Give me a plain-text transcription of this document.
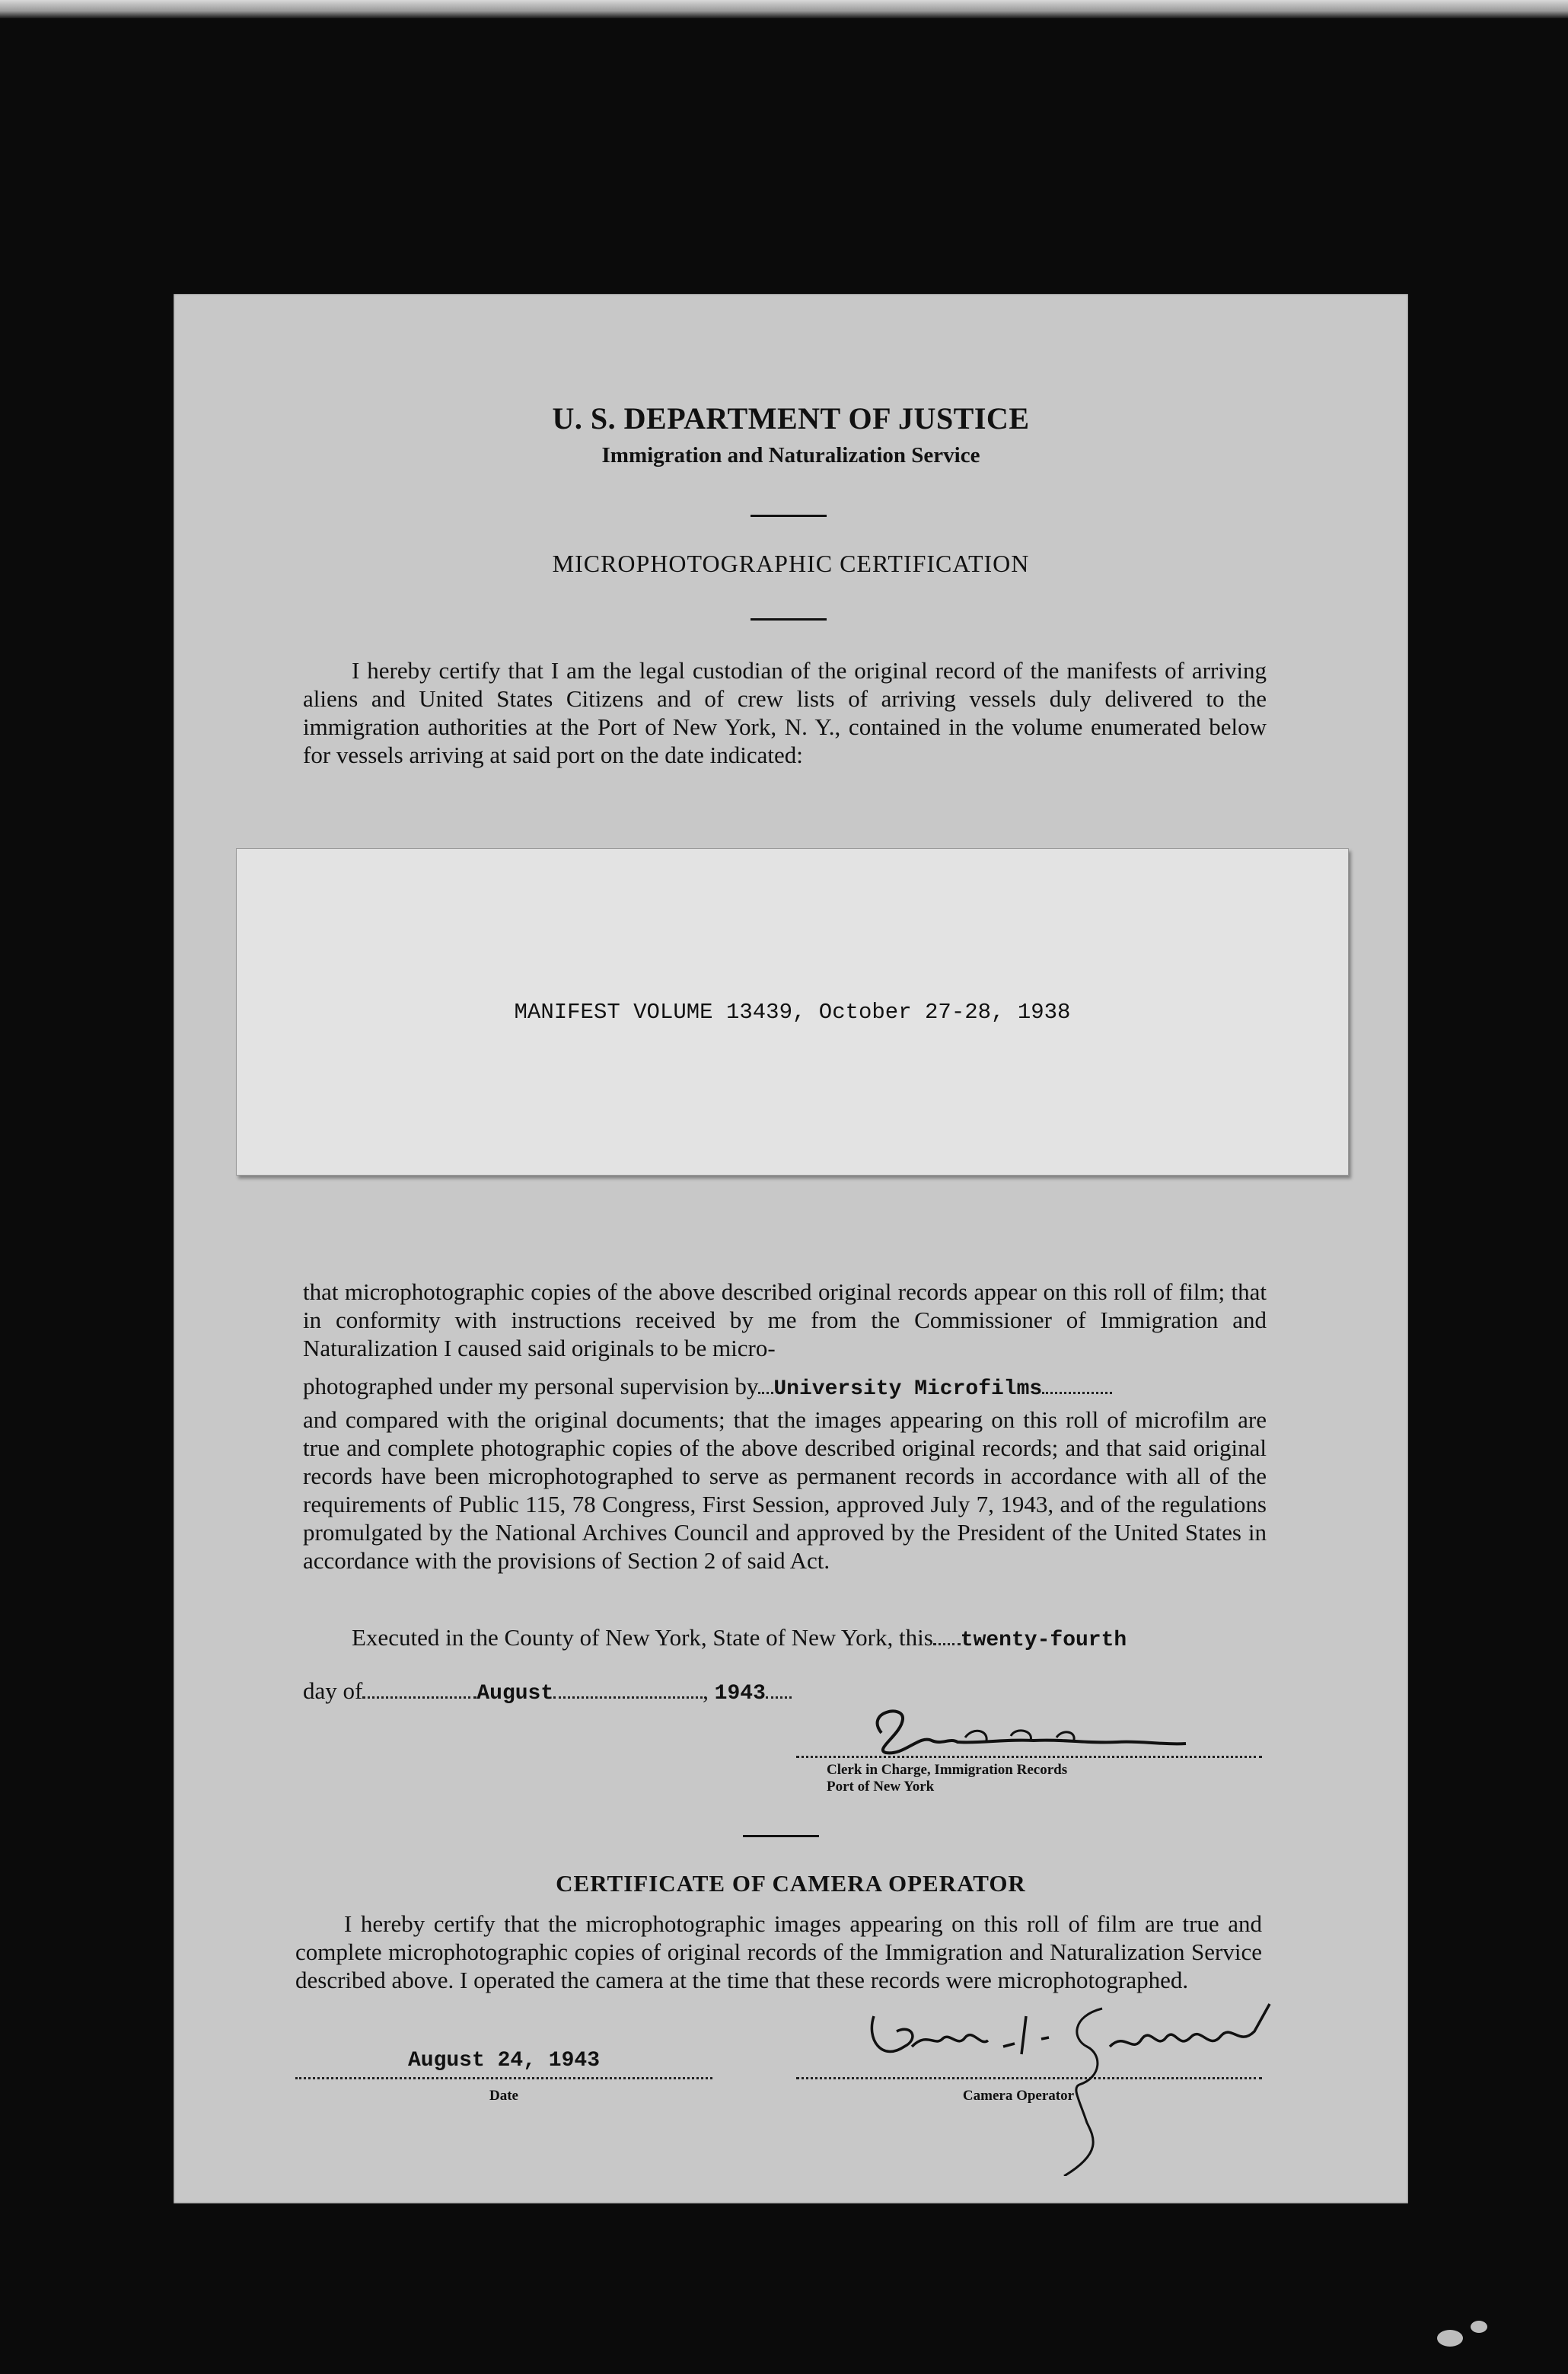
U. S. DEPARTMENT OF JUSTICE
Immigration and Naturalization Service
MICROPHOTOGRAPHIC CERTIFICATION

I hereby certify that I am the legal custodian of the original record of the manifests of arriving aliens and United States Citizens and of crew lists of arriving vessels duly delivered to the immigration authorities at the Port of New York, N. Y., contained in the volume enumerated below for vessels arriving at said port on the date indicated:

MANIFEST VOLUME 13439, October 27-28, 1938

that microphotographic copies of the above described original records appear on this roll of film; that in conformity with instructions received by me from the Commissioner of Immigration and Naturalization I caused said originals to be micro-

photographed under my personal supervision by University Microfilms

and compared with the original documents; that the images appearing on this roll of microfilm are true and complete photographic copies of the above described original records; and that said original records have been microphotographed to serve as permanent records in accordance with all of the requirements of Public 115, 78 Congress, First Session, approved July 7, 1943, and of the regulations promulgated by the National Archives Council and approved by the President of the United States in accordance with the provisions of Section 2 of said Act.

Executed in the County of New York, State of New York, this twenty-fourth
day of	August	, 1943
Clerk in Charge, Immigration Records
Port of New York
CERTIFICATE OF CAMERA OPERATOR

I hereby certify that the microphotographic images appearing on this roll of film are true and complete microphotographic copies of original records of the Immigration and Naturalization Service described above. I operated the camera at the time that these records were microphotographed.

August 24, 1943
Date	Camera Operator
